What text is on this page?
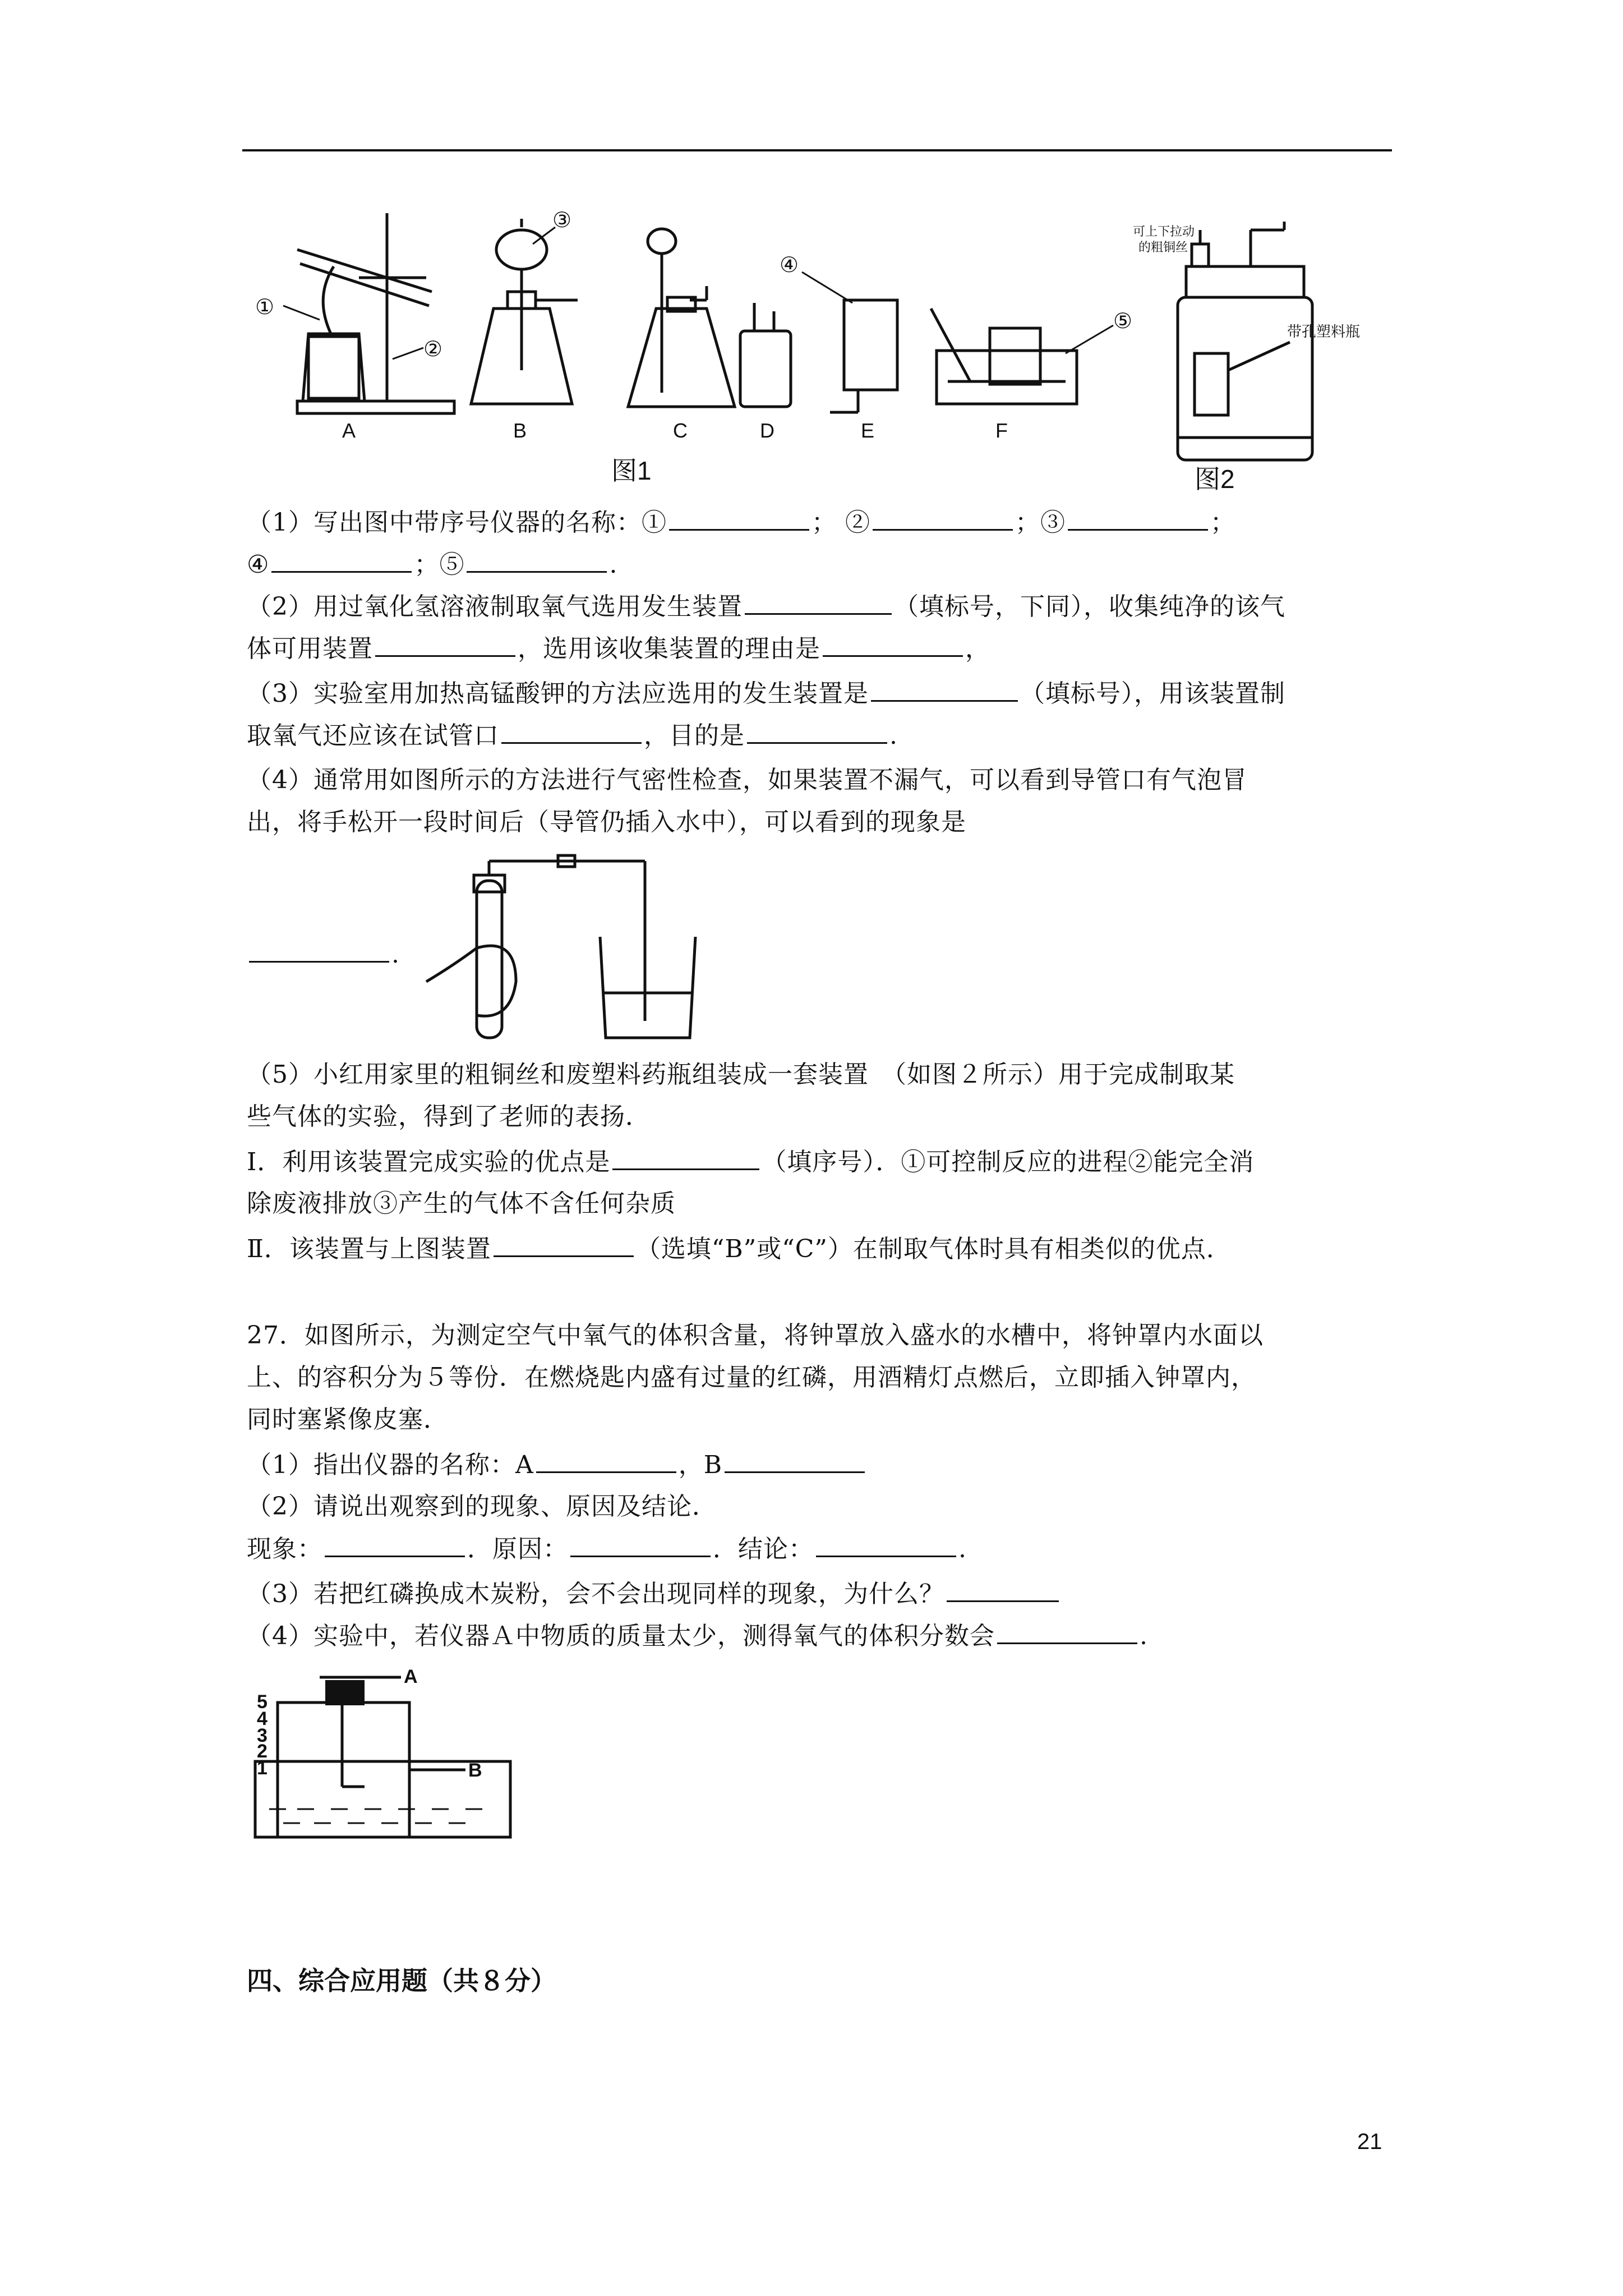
①
②
③
④
⑤
A	B	C	D	E	F
图1
可上下拉动
的粗铜丝
带孔塑料瓶
图2
（1）写出图中带序号仪器的名称：①	； ②	；③	；
④	；⑤	.
（2）用过氧化氢溶液制取氧气选用发生装置	（填标号，下同），收集纯净的该气
体可用装置	，选用该收集装置的理由是	，
（3）实验室用加热高锰酸钾的方法应选用的发生装置是	（填标号），用该装置制
取氧气还应该在试管口	，目的是	.
（4）通常用如图所示的方法进行气密性检查，如果装置不漏气，可以看到导管口有气泡冒
出，将手松开一段时间后（导管仍插入水中），可以看到的现象是
.
（5）小红用家里的粗铜丝和废塑料药瓶组装成一套装置　（如图２所示）用于完成制取某
些气体的实验，得到了老师的表扬．
Ⅰ．利用该装置完成实验的优点是	（填序号）．①可控制反应的进程②能完全消
除废液排放③产生的气体不含任何杂质
Ⅱ．该装置与上图装置	（选填“B”或“C”）在制取气体时具有相类似的优点．
27．如图所示，为测定空气中氧气的体积含量，将钟罩放入盛水的水槽中，将钟罩内水面以
上、的容积分为５等份．在燃烧匙内盛有过量的红磷，用酒精灯点燃后，立即插入钟罩内，
同时塞紧像皮塞．
（1）指出仪器的名称：A	，B
（2）请说出观察到的现象、原因及结论．
现象：	．原因：	．结论：	.
（3）若把红磷换成木炭粉，会不会出现同样的现象，为什么？
（4）实验中，若仪器Ａ中物质的质量太少，测得氧气的体积分数会	.
A
B
5
4
3
2
1
四、综合应用题（共８分）
21
